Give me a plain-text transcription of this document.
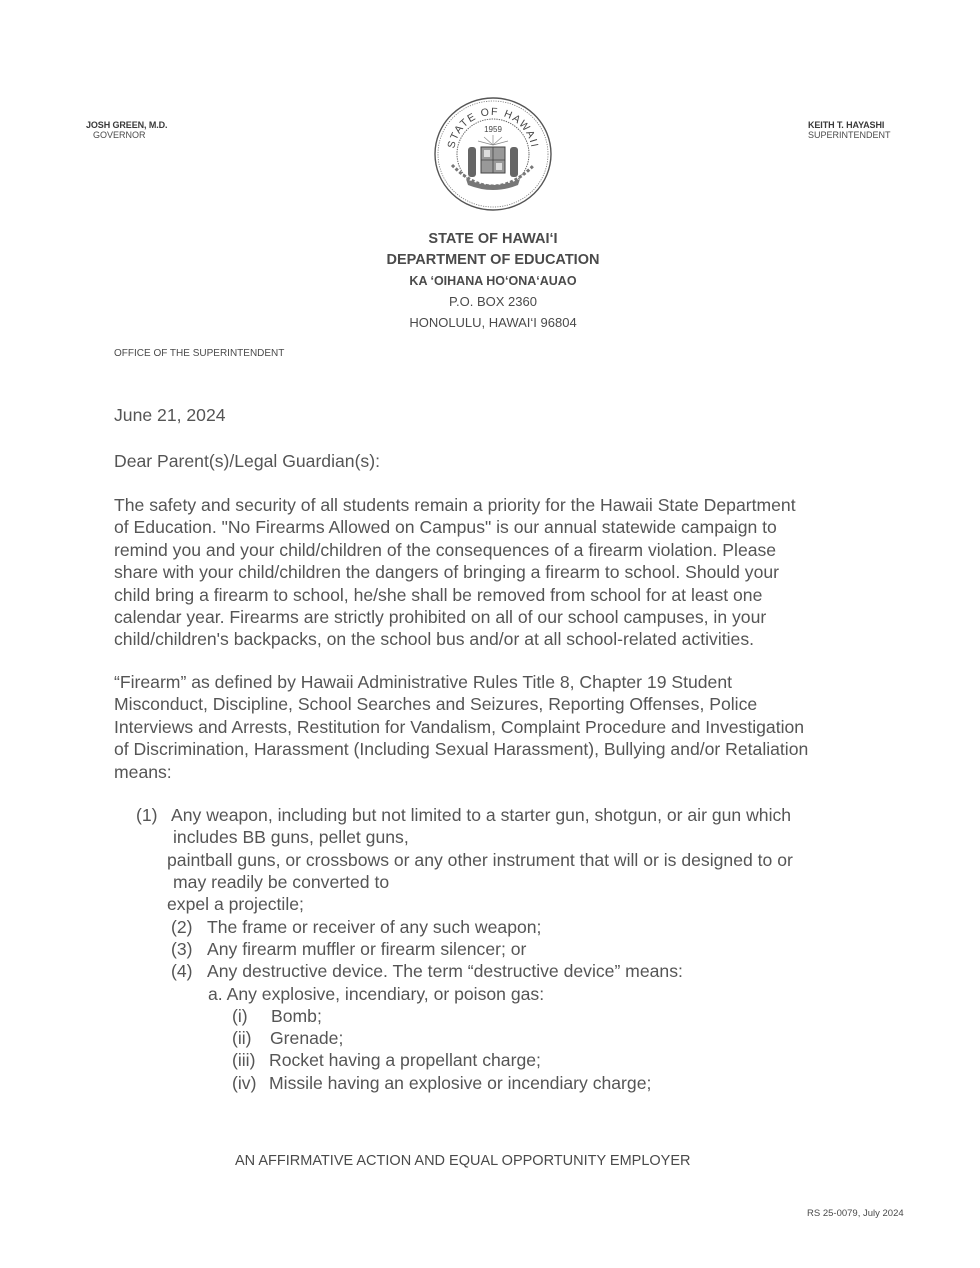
JOSH GREEN, M.D.
GOVERNOR
KEITH T. HAYASHI
SUPERINTENDENT
STATE OF HAWAII
1959
STATE OF HAWAI‘I
DEPARTMENT OF EDUCATION
KA ‘OIHANA HO‘ONA‘AUAO
P.O. BOX 2360
HONOLULU, HAWAI‘I 96804
OFFICE OF THE SUPERINTENDENT
June 21, 2024
Dear Parent(s)/Legal Guardian(s):
The safety and security of all students remain a priority for the Hawaii State Department
of Education. "No Firearms Allowed on Campus" is our annual statewide campaign to
remind you and your child/children of the consequences of a firearm violation. Please
share with your child/children the dangers of bringing a firearm to school. Should your
child bring a firearm to school, he/she shall be removed from school for at least one
calendar year. Firearms are strictly prohibited on all of our school campuses, in your
child/children's backpacks, on the school bus and/or at all school-related activities.
“Firearm” as defined by Hawaii Administrative Rules Title 8, Chapter 19 Student
Misconduct, Discipline, School Searches and Seizures, Reporting Offenses, Police
Interviews and Arrests, Restitution for Vandalism, Complaint Procedure and Investigation
of Discrimination, Harassment (Including Sexual Harassment), Bullying and/or Retaliation
means:
(1) Any weapon, including but not limited to a starter gun, shotgun, or air gun which
includes BB guns, pellet guns,
paintball guns, or crossbows or any other instrument that will or is designed to or
may readily be converted to
expel a projectile;
(2) The frame or receiver of any such weapon;
(3) Any firearm muffler or firearm silencer; or
(4) Any destructive device. The term “destructive device” means:
a. Any explosive, incendiary, or poison gas:
(i) Bomb;
(ii) Grenade;
(iii) Rocket having a propellant charge;
(iv) Missile having an explosive or incendiary charge;
AN AFFIRMATIVE ACTION AND EQUAL OPPORTUNITY EMPLOYER
RS 25-0079, July 2024
